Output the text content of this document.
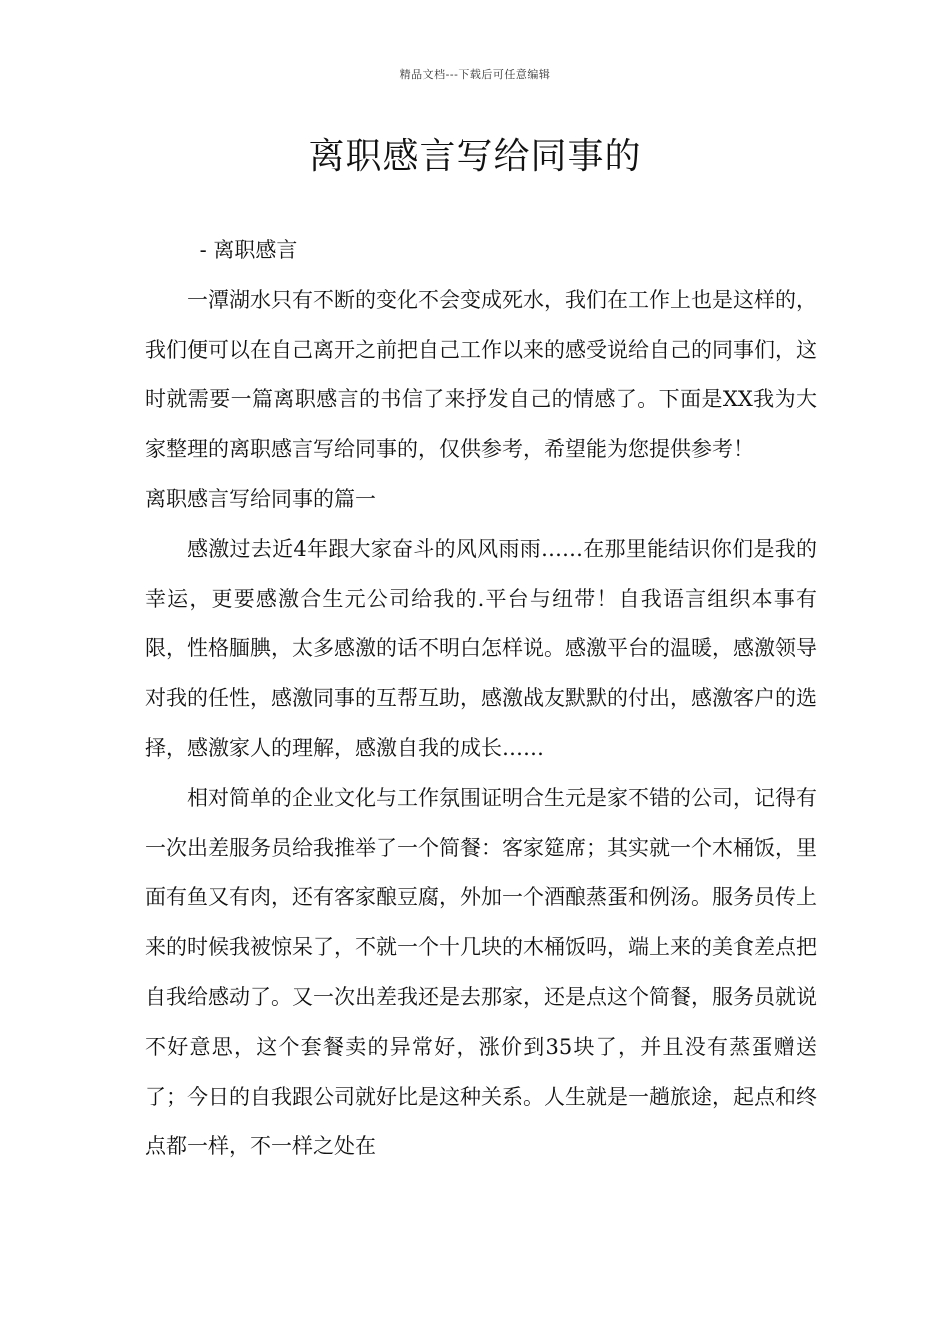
精品文档---下载后可任意编辑
离职感言写给同事的

- 离职感言

一潭湖水只有不断的变化不会变成死水，我们在工作上也是这样的，我们便可以在自己离开之前把自己工作以来的感受说给自己的同事们，这时就需要一篇离职感言的书信了来抒发自己的情感了。下面是XX我为大家整理的离职感言写给同事的，仅供参考，希望能为您提供参考！

离职感言写给同事的篇一

感激过去近4年跟大家奋斗的风风雨雨……在那里能结识你们是我的幸运，更要感激合生元公司给我的.平台与纽带！自我语言组织本事有限，性格腼腆，太多感激的话不明白怎样说。感激平台的温暖，感激领导对我的任性，感激同事的互帮互助，感激战友默默的付出，感激客户的选择，感激家人的理解，感激自我的成长……

相对简单的企业文化与工作氛围证明合生元是家不错的公司，记得有一次出差服务员给我推举了一个简餐：客家筵席；其实就一个木桶饭，里面有鱼又有肉，还有客家酿豆腐，外加一个酒酿蒸蛋和例汤。服务员传上来的时候我被惊呆了，不就一个十几块的木桶饭吗，端上来的美食差点把自我给感动了。又一次出差我还是去那家，还是点这个简餐，服务员就说不好意思，这个套餐卖的异常好，涨价到35块了，并且没有蒸蛋赠送了；今日的自我跟公司就好比是这种关系。人生就是一趟旅途，起点和终点都一样，不一样之处在
